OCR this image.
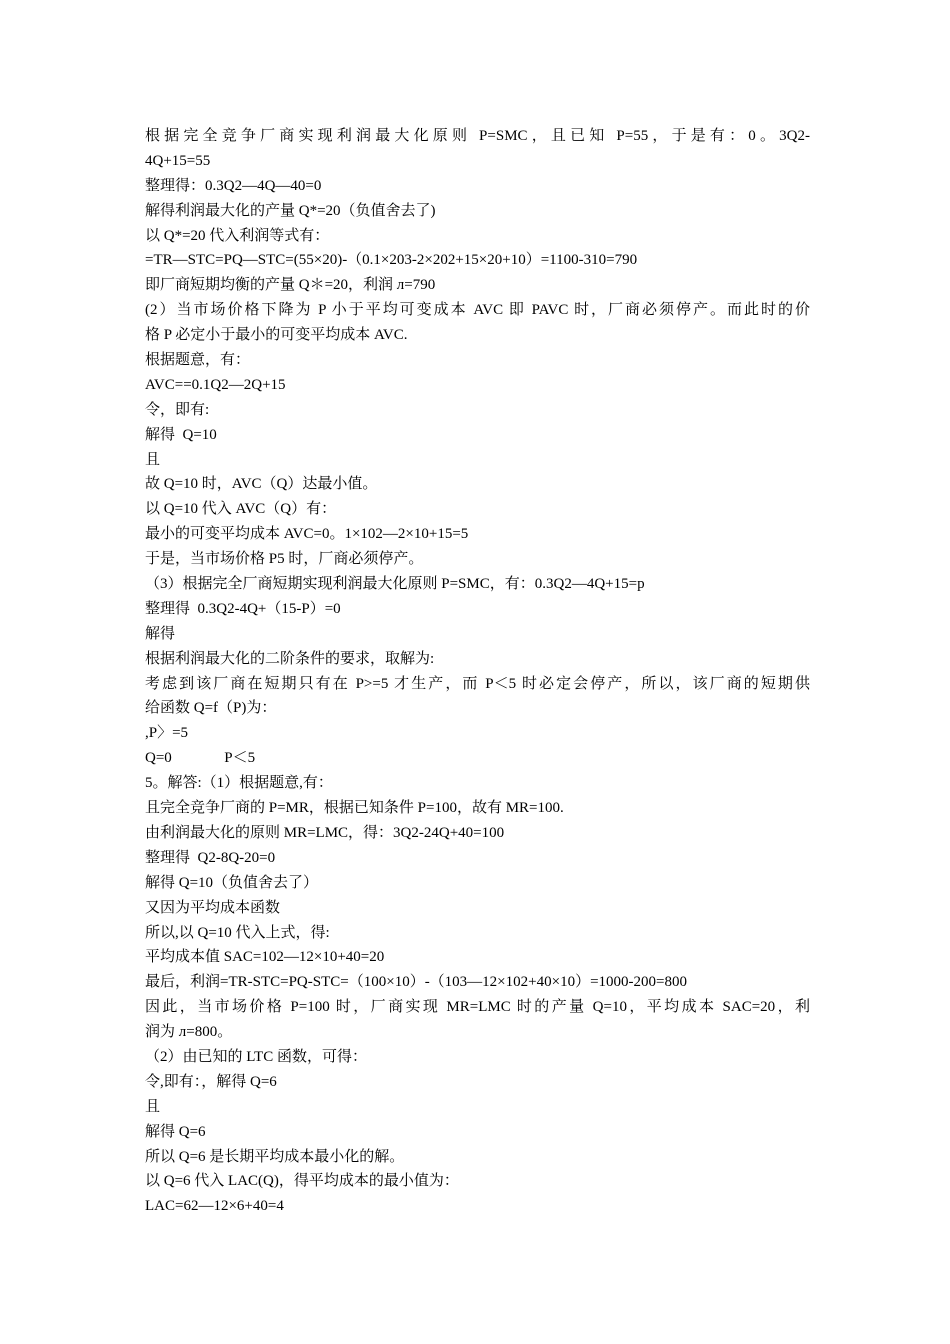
根据完全竞争厂商实现利润最大化原则 P=SMC，且已知 P=55，于是有：0。3Q2-
4Q+15=55
整理得：0.3Q2—4Q—40=0
解得利润最大化的产量 Q*=20（负值舍去了)
以 Q*=20 代入利润等式有：
=TR—STC=PQ—STC=(55×20)-（0.1×203-2×202+15×20+10）=1100-310=790
即厂商短期均衡的产量 Q＊=20，利润 л=790
(2）当市场价格下降为 P 小于平均可变成本 AVC 即 PAVC 时，厂商必须停产。而此时的价
格 P 必定小于最小的可变平均成本 AVC.
根据题意，有：
AVC==0.1Q2—2Q+15
令，即有:
解得  Q=10
且
故 Q=10 时，AVC（Q）达最小值。
以 Q=10 代入 AVC（Q）有：
最小的可变平均成本 AVC=0。1×102—2×10+15=5
于是，当市场价格 P5 时，厂商必须停产。
（3）根据完全厂商短期实现利润最大化原则 P=SMC，有：0.3Q2—4Q+15=p
整理得  0.3Q2-4Q+（15-P）=0
解得
根据利润最大化的二阶条件的要求，取解为:
考虑到该厂商在短期只有在 P>=5 才生产，而 P＜5 时必定会停产，所以，该厂商的短期供
给函数 Q=f（P)为：
,P〉=5
Q=0              P＜5
5。解答:（1）根据题意,有：
且完全竞争厂商的 P=MR，根据已知条件 P=100，故有 MR=100.
由利润最大化的原则 MR=LMC，得：3Q2-24Q+40=100
整理得  Q2-8Q-20=0
解得 Q=10（负值舍去了）
又因为平均成本函数
所以,以 Q=10 代入上式，得:
平均成本值 SAC=102—12×10+40=20
最后，利润=TR-STC=PQ-STC=（100×10）-（103—12×102+40×10）=1000-200=800
因此，当市场价格 P=100 时，厂商实现 MR=LMC 时的产量 Q=10，平均成本 SAC=20，利
润为 л=800。
（2）由已知的 LTC 函数，可得：
令,即有：，解得 Q=6
且
解得 Q=6
所以 Q=6 是长期平均成本最小化的解。
以 Q=6 代入 LAC(Q)，得平均成本的最小值为：
LAC=62—12×6+40=4
